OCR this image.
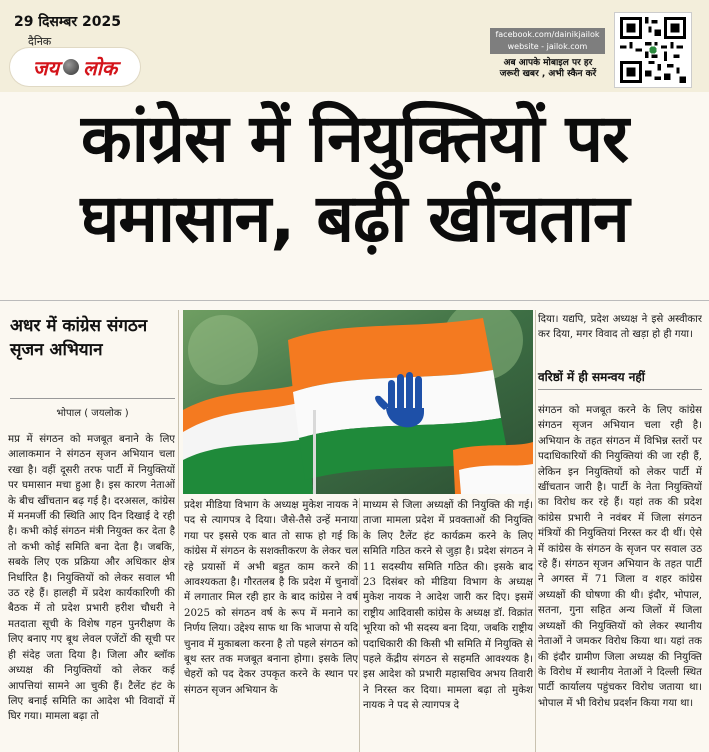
29 दिसम्बर 2025
दैनिक
जय लोक
facebook.com/dainikjailok
website - jailok.com
अब आपके मोबाइल पर हर
जरूरी खबर , अभी स्कैन करें
कांग्रेस में नियुक्तियों पर
घमासान, बढ़ी खींचतान
अधर में कांग्रेस संगठन सृजन अभियान
भोपाल ( जयलोक )

मप्र में संगठन को मजबूत बनाने के लिए आलाकमान ने संगठन सृजन अभियान चला रखा है। वहीं दूसरी तरफ पार्टी में नियुक्तियों पर घमासान मचा हुआ है। इस कारण नेताओं के बीच खींचतान बढ़ गई है। दरअसल, कांग्रेस में मनमर्जी की स्थिति आए दिन दिखाई दे रही है। कभी कोई संगठन मंत्री नियुक्त कर देता है तो कभी कोई समिति बना देता है। जबकि, सबके लिए एक प्रक्रिया और अधिकार क्षेत्र निर्धारित है। नियुक्तियों को लेकर सवाल भी उठ रहे हैं। हालही में प्रदेश कार्यकारिणी की बैठक में तो प्रदेश प्रभारी हरीश चौधरी ने मतदाता सूची के विशेष गहन पुनरीक्षण के लिए बनाए गए बूथ लेवल एजेंटों की सूची पर ही संदेह जता दिया है। जिला और ब्लॉक अध्यक्ष की नियुक्तियों को लेकर कई आपत्तियां सामने आ चुकी हैं। टैलेंट हंट के लिए बनाई समिति का आदेश भी विवादों में घिर गया। मामला बढ़ा तो

प्रदेश मीडिया विभाग के अध्यक्ष मुकेश नायक ने पद से त्यागपत्र दे दिया। जैसे-तैसे उन्हें मनाया गया पर इससे एक बात तो साफ हो गई कि कांग्रेस में संगठन के सशक्तीकरण के लेकर चल रहे प्रयासों में अभी बहुत काम करने की आवश्यकता है। गौरतलब है कि प्रदेश में चुनावों में लगातार मिल रही हार के बाद कांग्रेस ने वर्ष 2025 को संगठन वर्ष के रूप में मनाने का निर्णय लिया। उद्देश्य साफ था कि भाजपा से यदि चुनाव में मुकाबला करना है तो पहले संगठन को बूथ स्तर तक मजबूत बनाना होगा। इसके लिए चेहरों को पद देकर उपकृत करने के स्थान पर संगठन सृजन अभियान के

माध्यम से जिला अध्यक्षों की नियुक्ति की गई। ताजा मामला प्रदेश में प्रवक्ताओं की नियुक्ति के लिए टैलेंट हंट कार्यक्रम करने के लिए समिति गठित करने से जुड़ा है। प्रदेश संगठन ने 11 सदस्यीय समिति गठित की। इसके बाद 23 दिसंबर को मीडिया विभाग के अध्यक्ष मुकेश नायक ने आदेश जारी कर दिए। इसमें राष्ट्रीय आदिवासी कांग्रेस के अध्यक्ष डॉ. विक्रांत भूरिया को भी सदस्य बना दिया, जबकि राष्ट्रीय पदाधिकारी की किसी भी समिति में नियुक्ति से पहले केंद्रीय संगठन से सहमति आवश्यक है। इस आदेश को प्रभारी महासचिव अभय तिवारी ने निरस्त कर दिया। मामला बढ़ा तो मुकेश नायक ने पद से त्यागपत्र दे

दिया। यद्यपि, प्रदेश अध्यक्ष ने इसे अस्वीकार कर दिया, मगर विवाद तो खड़ा हो ही गया।

वरिष्ठों में ही समन्वय नहीं

संगठन को मजबूत करने के लिए कांग्रेस संगठन सृजन अभियान चला रही है। अभियान के तहत संगठन में विभिन्न स्तरों पर पदाधिकारियों की नियुक्तियां की जा रही हैं, लेकिन इन नियुक्तियों को लेकर पार्टी में खींचतान जारी है। पार्टी के नेता नियुक्तियों का विरोध कर रहे हैं। यहां तक की प्रदेश कांग्रेस प्रभारी ने नवंबर में जिला संगठन मंत्रियों की नियुक्तियां निरस्त कर दी थीं। ऐसे में कांग्रेस के संगठन के सृजन पर सवाल उठ रहे हैं। संगठन सृजन अभियान के तहत पार्टी ने अगस्त में 71 जिला व शहर कांग्रेस अध्यक्षों की घोषणा की थी। इंदौर, भोपाल, सतना, गुना सहित अन्य जिलों में जिला अध्यक्षों की नियुक्तियों को लेकर स्थानीय नेताओं ने जमकर विरोध किया था। यहां तक की इंदौर ग्रामीण जिला अध्यक्ष की नियुक्ति के विरोध में स्थानीय नेताओं ने दिल्ली स्थित पार्टी कार्यालय पहुंचकर विरोध जताया था। भोपाल में भी विरोध प्रदर्शन किया गया था।
